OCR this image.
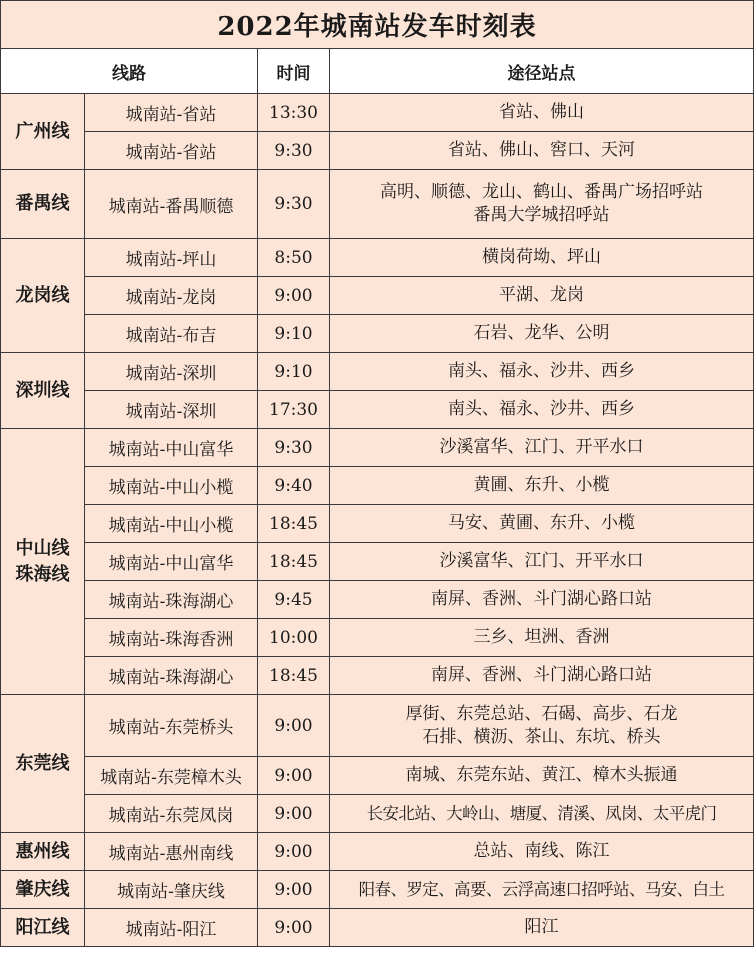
2022年城南站发车时刻表			
线路		时间	途径站点

广州线	城南站-省站	13:30	省站、佛山

	城南站-省站	9:30	省站、佛山、窖口、天河

番禺线	城南站-番禺顺德	9:30	高明、顺德、龙山、鹤山、番禺广场招呼站
番禺大学城招呼站

龙岗线	城南站-坪山	8:50	横岗荷坳、坪山

	城南站-龙岗	9:00	平湖、龙岗

	城南站-布吉	9:10	石岩、龙华、公明

深圳线	城南站-深圳	9:10	南头、福永、沙井、西乡

	城南站-深圳	17:30	南头、福永、沙井、西乡

中山线
珠海线	城南站-中山富华	9:30	沙溪富华、江门、开平水口

	城南站-中山小榄	9:40	黄圃、东升、小榄

	城南站-中山小榄	18:45	马安、黄圃、东升、小榄

	城南站-中山富华	18:45	沙溪富华、江门、开平水口

	城南站-珠海湖心	9:45	南屏、香洲、斗门湖心路口站

	城南站-珠海香洲	10:00	三乡、坦洲、香洲

	城南站-珠海湖心	18:45	南屏、香洲、斗门湖心路口站

东莞线	城南站-东莞桥头	9:00	厚街、东莞总站、石碣、高步、石龙
石排、横沥、茶山、东坑、桥头

	城南站-东莞樟木头	9:00	南城、东莞东站、黄江、樟木头振通

	城南站-东莞凤岗	9:00	长安北站、大岭山、塘厦、清溪、凤岗、太平虎门

惠州线	城南站-惠州南线	9:00	总站、南线、陈江

肇庆线	城南站-肇庆线	9:00	阳春、罗定、高要、云浮高速口招呼站、马安、白土

阳江线	城南站-阳江	9:00	阳江
